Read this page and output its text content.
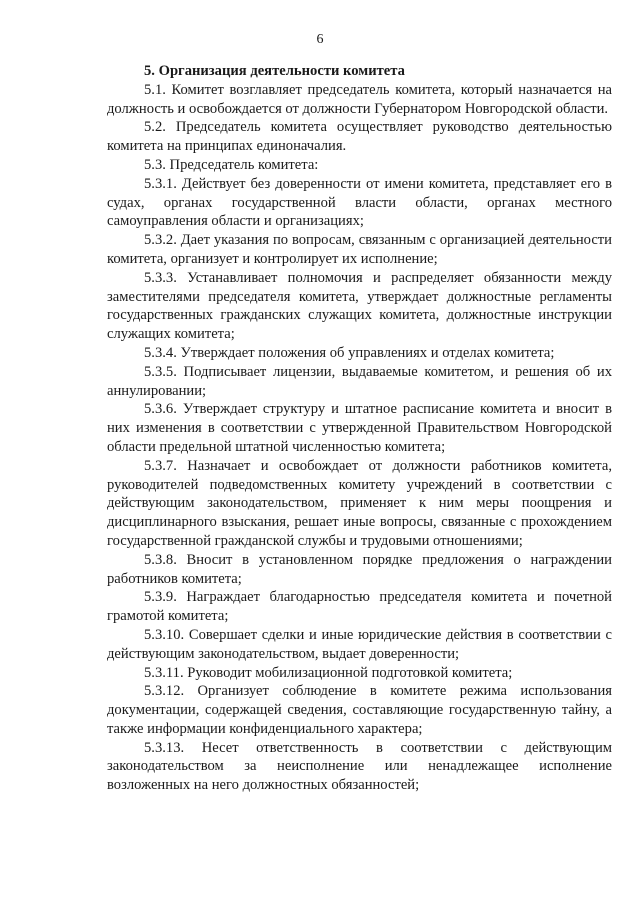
6

5. Организация деятельности комитета

5.1. Комитет возглавляет председатель комитета, который назначается на должность и освобождается от должности Губернатором Новгородской области.

5.2. Председатель комитета осуществляет руководство деятельностью комитета на принципах единоначалия.

5.3. Председатель комитета:

5.3.1. Действует без доверенности от имени комитета, представляет его в судах, органах государственной власти области, органах местного самоуправления области и организациях;

5.3.2. Дает указания по вопросам, связанным с организацией деятельности комитета, организует и контролирует их исполнение;

5.3.3. Устанавливает полномочия и распределяет обязанности между заместителями председателя комитета, утверждает должностные регламенты государственных гражданских служащих комитета, должностные инструкции служащих комитета;

5.3.4. Утверждает положения об управлениях и отделах комитета;

5.3.5. Подписывает лицензии, выдаваемые комитетом, и решения об их аннулировании;

5.3.6. Утверждает структуру и штатное расписание комитета и вносит в них изменения в соответствии с утвержденной Правительством Новгородской области предельной штатной численностью комитета;

5.3.7. Назначает и освобождает от должности работников комитета, руководителей подведомственных комитету учреждений в соответствии с действующим законодательством, применяет к ним меры поощрения и дисциплинарного взыскания, решает иные вопросы, связанные с прохождением государственной гражданской службы и трудовыми отношениями;

5.3.8. Вносит в установленном порядке предложения о награждении работников комитета;

5.3.9. Награждает благодарностью председателя комитета и почетной грамотой комитета;

5.3.10. Совершает сделки и иные юридические действия в соответствии с действующим законодательством, выдает доверенности;

5.3.11. Руководит мобилизационной подготовкой комитета;

5.3.12. Организует соблюдение в комитете режима использования документации, содержащей сведения, составляющие государственную тайну, а также информации конфиденциального характера;

5.3.13. Несет ответственность в соответствии с действующим законодательством за неисполнение или ненадлежащее исполнение возложенных на него должностных обязанностей;
